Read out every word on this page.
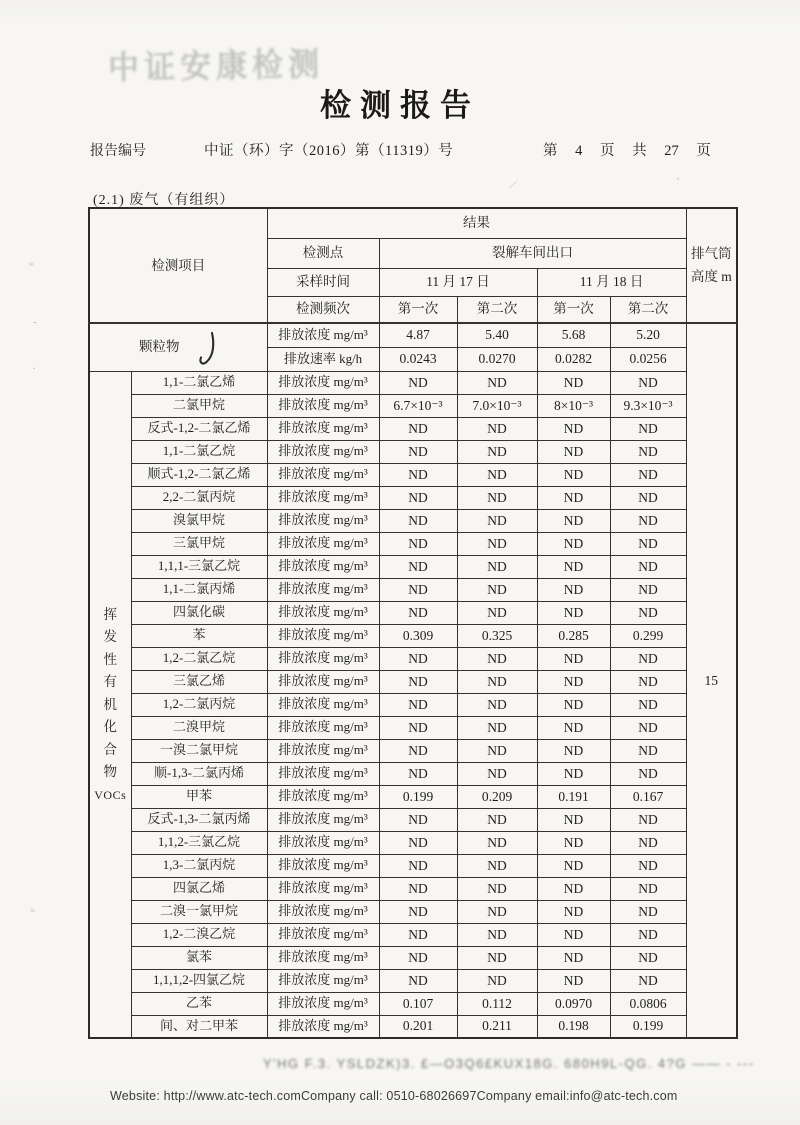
中证安康检测
检测报告
报告编号	中证（环）字（2016）第（11319）号	第 4 页 共 27 页
(2.1) 废气（有组织）
检测项目		结果					排气筒
高度 m

		检测点	裂解车间出口				
		采样时间	11 月 17 日		11 月 18 日		
		检测频次	第一次	第二次	第一次	第二次	
颗粒物		排放浓度 mg/m³	4.87	5.40	5.68	5.20	15
		排放速率 kg/h	0.0243	0.0270	0.0282	0.0256	

挥
发
性
有
机
化
合
物
VOCs
	1,1-二氯乙烯	排放浓度 mg/m³	ND	ND	ND	ND
	二氯甲烷	排放浓度 mg/m³	6.7×10⁻³	7.0×10⁻³	8×10⁻³	9.3×10⁻³	
	反式-1,2-二氯乙烯	排放浓度 mg/m³	ND	ND	ND	ND	
	1,1-二氯乙烷	排放浓度 mg/m³	ND	ND	ND	ND	
	顺式-1,2-二氯乙烯	排放浓度 mg/m³	ND	ND	ND	ND	
	2,2-二氯丙烷	排放浓度 mg/m³	ND	ND	ND	ND	
	溴氯甲烷	排放浓度 mg/m³	ND	ND	ND	ND	
	三氯甲烷	排放浓度 mg/m³	ND	ND	ND	ND	
	1,1,1-三氯乙烷	排放浓度 mg/m³	ND	ND	ND	ND	
	1,1-二氯丙烯	排放浓度 mg/m³	ND	ND	ND	ND	
	四氯化碳	排放浓度 mg/m³	ND	ND	ND	ND	
	苯	排放浓度 mg/m³	0.309	0.325	0.285	0.299	
	1,2-二氯乙烷	排放浓度 mg/m³	ND	ND	ND	ND	
	三氯乙烯	排放浓度 mg/m³	ND	ND	ND	ND	
	1,2-二氯丙烷	排放浓度 mg/m³	ND	ND	ND	ND	
	二溴甲烷	排放浓度 mg/m³	ND	ND	ND	ND	
	一溴二氯甲烷	排放浓度 mg/m³	ND	ND	ND	ND	
	顺-1,3-二氯丙烯	排放浓度 mg/m³	ND	ND	ND	ND	
	甲苯	排放浓度 mg/m³	0.199	0.209	0.191	0.167	
	反式-1,3-二氯丙烯	排放浓度 mg/m³	ND	ND	ND	ND	
	1,1,2-三氯乙烷	排放浓度 mg/m³	ND	ND	ND	ND	
	1,3-二氯丙烷	排放浓度 mg/m³	ND	ND	ND	ND	
	四氯乙烯	排放浓度 mg/m³	ND	ND	ND	ND	
	二溴一氯甲烷	排放浓度 mg/m³	ND	ND	ND	ND	
	1,2-二溴乙烷	排放浓度 mg/m³	ND	ND	ND	ND	
	氯苯	排放浓度 mg/m³	ND	ND	ND	ND	
	1,1,1,2-四氯乙烷	排放浓度 mg/m³	ND	ND	ND	ND	
	乙苯	排放浓度 mg/m³	0.107	0.112	0.0970	0.0806	
	间、对二甲苯	排放浓度 mg/m³	0.201	0.211	0.198	0.199	
Y'HG F.3. YSLDZK)3. £—O3Q6£KUX18G. 680H9L-QG. 4?G —— - ---
Website: http://www.atc-tech.comCompany call: 0510-68026697Company email:info@atc-tech.com
≈
-
·
≡
⁄	`
